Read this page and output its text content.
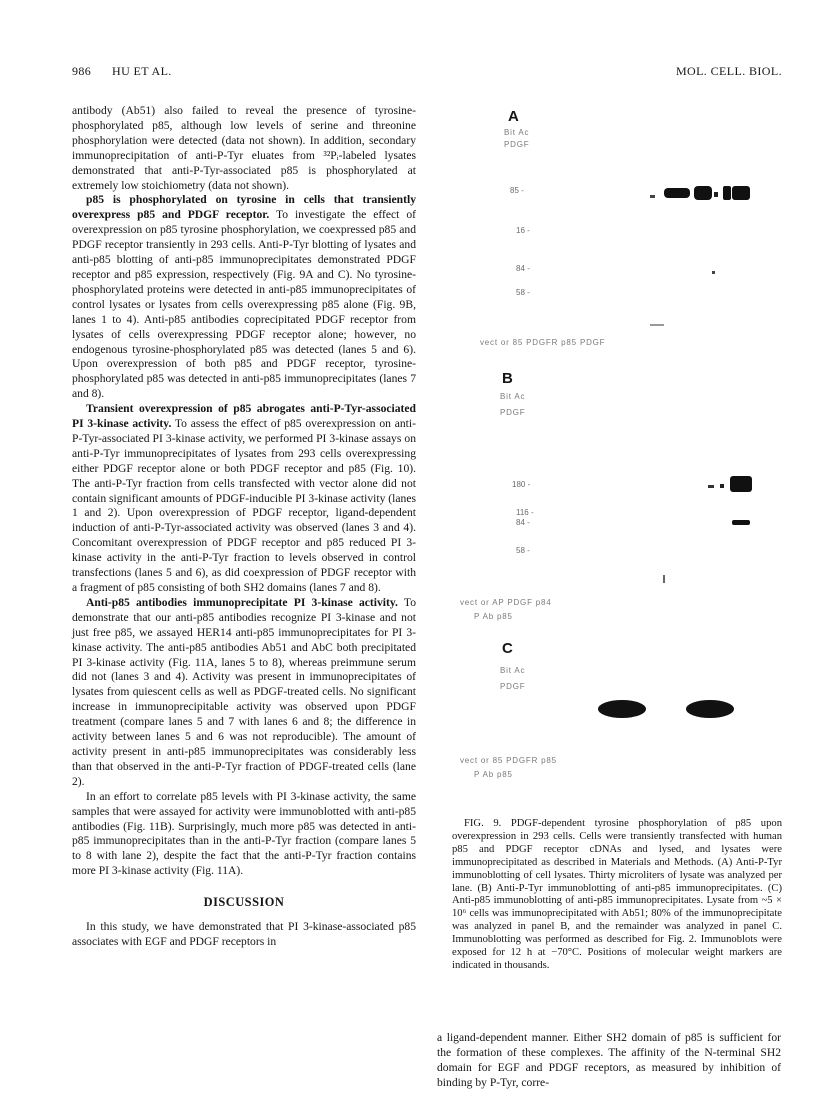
986 HU ET AL.	MOL. CELL. BIOL.

antibody (Ab51) also failed to reveal the presence of tyrosine-phosphorylated p85, although low levels of serine and threonine phosphorylation were detected (data not shown). In addition, secondary immunoprecipitation of anti-P-Tyr eluates from ³²Pᵢ-labeled lysates demonstrated that anti-P-Tyr-associated p85 is phosphorylated at extremely low stoichiometry (data not shown).

p85 is phosphorylated on tyrosine in cells that transiently overexpress p85 and PDGF receptor. To investigate the effect of overexpression on p85 tyrosine phosphorylation, we coexpressed p85 and PDGF receptor transiently in 293 cells. Anti-P-Tyr blotting of lysates and anti-p85 blotting of anti-p85 immunoprecipitates demonstrated PDGF receptor and p85 expression, respectively (Fig. 9A and C). No tyrosine-phosphorylated proteins were detected in anti-p85 immunoprecipitates of control lysates or lysates from cells overexpressing p85 alone (Fig. 9B, lanes 1 to 4). Anti-p85 antibodies coprecipitated PDGF receptor from lysates of cells overexpressing PDGF receptor alone; however, no endogenous tyrosine-phosphorylated p85 was detected (lanes 5 and 6). Upon overexpression of both p85 and PDGF receptor, tyrosine-phosphorylated p85 was detected in anti-p85 immunoprecipitates (lanes 7 and 8).

Transient overexpression of p85 abrogates anti-P-Tyr-associated PI 3-kinase activity. To assess the effect of p85 overexpression on anti-P-Tyr-associated PI 3-kinase activity, we performed PI 3-kinase assays on anti-P-Tyr immunoprecipitates of lysates from 293 cells overexpressing either PDGF receptor alone or both PDGF receptor and p85 (Fig. 10). The anti-P-Tyr fraction from cells transfected with vector alone did not contain significant amounts of PDGF-inducible PI 3-kinase activity (lanes 1 and 2). Upon overexpression of PDGF receptor, ligand-dependent induction of anti-P-Tyr-associated activity was observed (lanes 3 and 4). Concomitant overexpression of PDGF receptor and p85 reduced PI 3-kinase activity in the anti-P-Tyr fraction to levels observed in control transfections (lanes 5 and 6), as did coexpression of PDGF receptor with a fragment of p85 consisting of both SH2 domains (lanes 7 and 8).

Anti-p85 antibodies immunoprecipitate PI 3-kinase activity. To demonstrate that our anti-p85 antibodies recognize PI 3-kinase and not just free p85, we assayed HER14 anti-p85 immunoprecipitates for PI 3-kinase activity. The anti-p85 antibodies Ab51 and AbC both precipitated PI 3-kinase activity (Fig. 11A, lanes 5 to 8), whereas preimmune serum did not (lanes 3 and 4). Activity was present in immunoprecipitates of lysates from quiescent cells as well as PDGF-treated cells. No significant increase in immunoprecipitable activity was observed upon PDGF treatment (compare lanes 5 and 7 with lanes 6 and 8; the difference in activity between lanes 5 and 6 was not reproducible). The amount of activity present in anti-p85 immunoprecipitates was considerably less than that observed in the anti-P-Tyr fraction of PDGF-treated cells (lane 2).

In an effort to correlate p85 levels with PI 3-kinase activity, the same samples that were assayed for activity were immunoblotted with anti-p85 antibodies (Fig. 11B). Surprisingly, much more p85 was detected in anti-p85 immunoprecipitates than in the anti-P-Tyr fraction (compare lanes 5 to 8 with lane 2), despite the fact that the anti-P-Tyr fraction contains more PI 3-kinase activity (Fig. 11A).

DISCUSSION

In this study, we have demonstrated that PI 3-kinase-associated p85 associates with EGF and PDGF receptors in

A
Bit Ac
PDGF
85 -
16 -
84 -
58 -
vect or 85 PDGFR p85 PDGF
B
Bit Ac
PDGF
180 -
116 -
84 -
58 -
vect or AP PDGF p84
P Ab p85
C
Bit Ac
PDGF
vect or 85 PDGFR p85
P Ab p85

FIG. 9. PDGF-dependent tyrosine phosphorylation of p85 upon overexpression in 293 cells. Cells were transiently transfected with human p85 and PDGF receptor cDNAs and lysed, and lysates were immunoprecipitated as described in Materials and Methods. (A) Anti-P-Tyr immunoblotting of cell lysates. Thirty microliters of lysate was analyzed per lane. (B) Anti-P-Tyr immunoblotting of anti-p85 immunoprecipitates. (C) Anti-p85 immunoblotting of anti-p85 immunoprecipitates. Lysate from ~5 × 10⁶ cells was immunoprecipitated with Ab51; 80% of the immunoprecipitate was analyzed in panel B, and the remainder was analyzed in panel C. Immunoblotting was performed as described for Fig. 2. Immunoblots were exposed for 12 h at −70°C. Positions of molecular weight markers are indicated in thousands.

a ligand-dependent manner. Either SH2 domain of p85 is sufficient for the formation of these complexes. The affinity of the N-terminal SH2 domain for EGF and PDGF receptors, as measured by inhibition of binding by P-Tyr, corre-
